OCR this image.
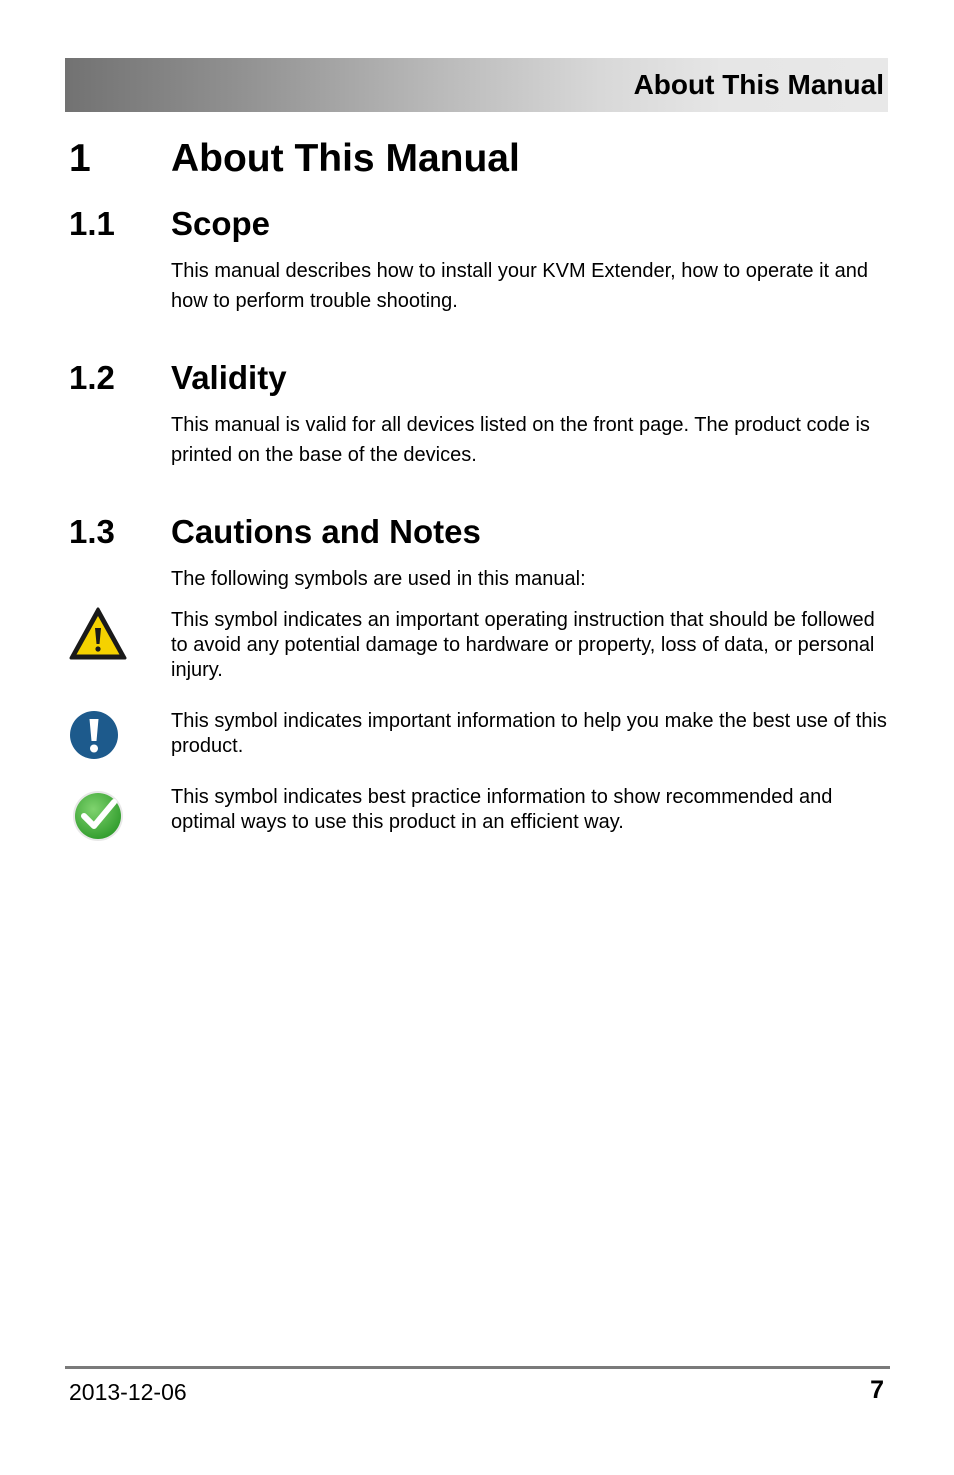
About This Manual
1 About This Manual
1.1 Scope
This manual describes how to install your KVM Extender, how to operate it and how to perform trouble shooting.
1.2 Validity
This manual is valid for all devices listed on the front page. The product code is printed on the base of the devices.
1.3 Cautions and Notes
The following symbols are used in this manual:
This symbol indicates an important operating instruction that should be followed to avoid any potential damage to hardware or property, loss of data, or personal injury.
This symbol indicates important information to help you make the best use of this product.
This symbol indicates best practice information to show recommended and optimal ways to use this product in an efficient way.
2013-12-06	7
